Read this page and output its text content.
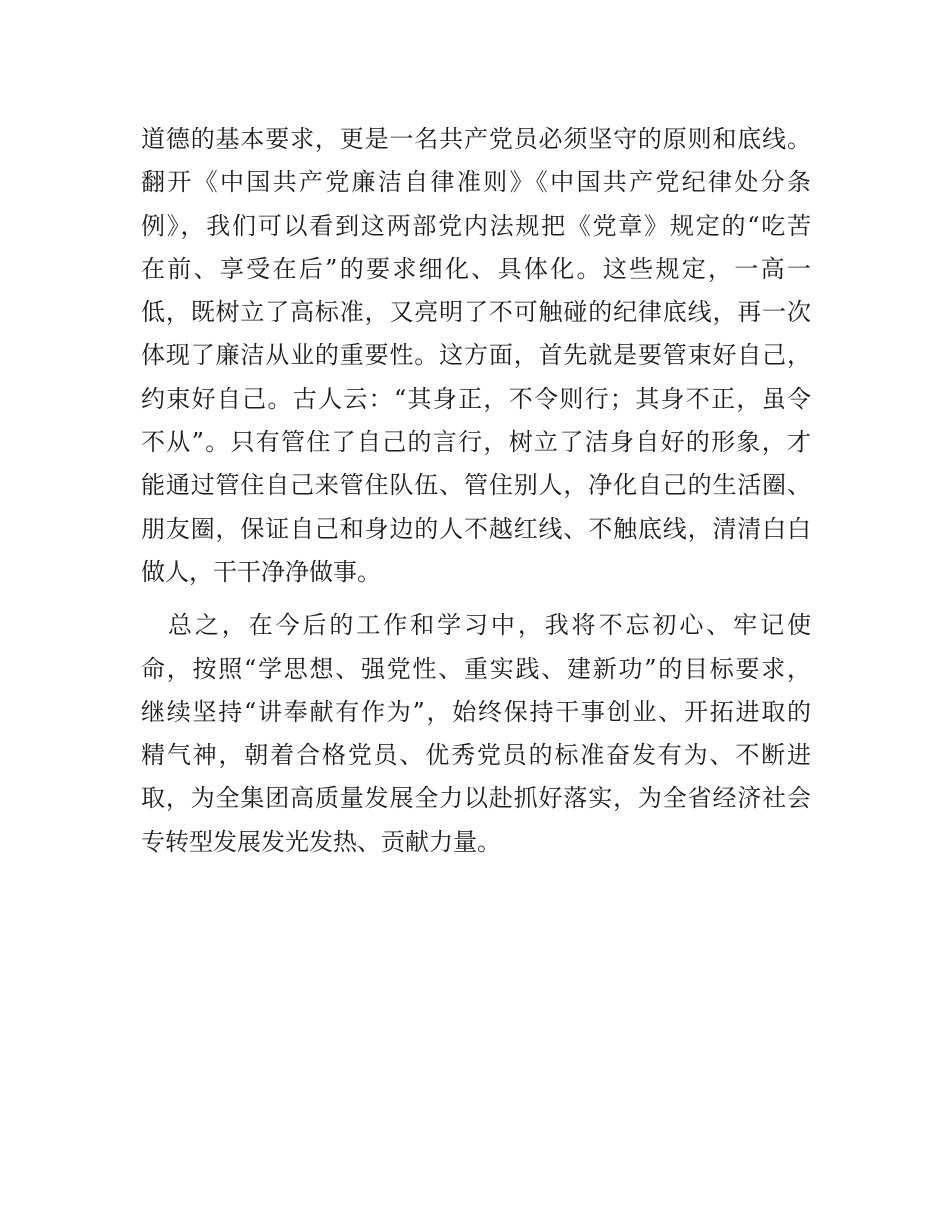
道德的基本要求，更是一名共产党员必须坚守的原则和底线。
翻开《中国共产党廉洁自律准则》《中国共产党纪律处分条
例》，我们可以看到这两部党内法规把《党章》规定的“吃苦
在前、享受在后”的要求细化、具体化。这些规定，一高一
低，既树立了高标准，又亮明了不可触碰的纪律底线，再一次
体现了廉洁从业的重要性。这方面，首先就是要管束好自己，
约束好自己。古人云：“其身正，不令则行；其身不正，虽令
不从”。只有管住了自己的言行，树立了洁身自好的形象，才
能通过管住自己来管住队伍、管住别人，净化自己的生活圈、
朋友圈，保证自己和身边的人不越红线、不触底线，清清白白
做人，干干净净做事。
　总之，在今后的工作和学习中，我将不忘初心、牢记使
命，按照“学思想、强党性、重实践、建新功”的目标要求，
继续坚持“讲奉献有作为”，始终保持干事创业、开拓进取的
精气神，朝着合格党员、优秀党员的标准奋发有为、不断进
取，为全集团高质量发展全力以赴抓好落实，为全省经济社会
专转型发展发光发热、贡献力量。
